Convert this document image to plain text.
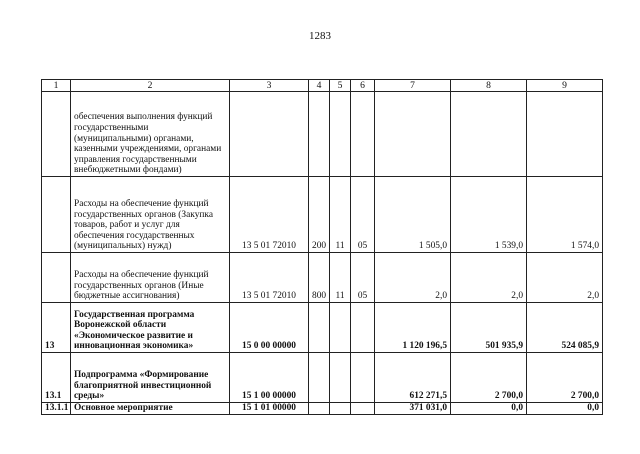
1283
1	2	3	4	5	6	7	8	9
	обеспечения выполнения функций государственными (муниципальными) органами, казенными учреждениями, органами управления государственными внебюджетными фондами)							
	Расходы на обеспечение функций государственных органов (Закупка товаров, работ и услуг для обеспечения государственных (муниципальных) нужд)	13 5 01 72010	200	11	05	1 505,0	1 539,0	1 574,0
	Расходы на обеспечение функций государственных органов (Иные бюджетные ассигнования)	13 5 01 72010	800	11	05	2,0	2,0	2,0
13	Государственная программа Воронежской области «Экономическое развитие и инновационная экономика»	15 0 00 00000				1 120 196,5	501 935,9	524 085,9
13.1	Подпрограмма «Формирование благоприятной инвестиционной среды»	15 1 00 00000				612 271,5	2 700,0	2 700,0
13.1.1	Основное мероприятие	15 1 01 00000				371 031,0	0,0	0,0
